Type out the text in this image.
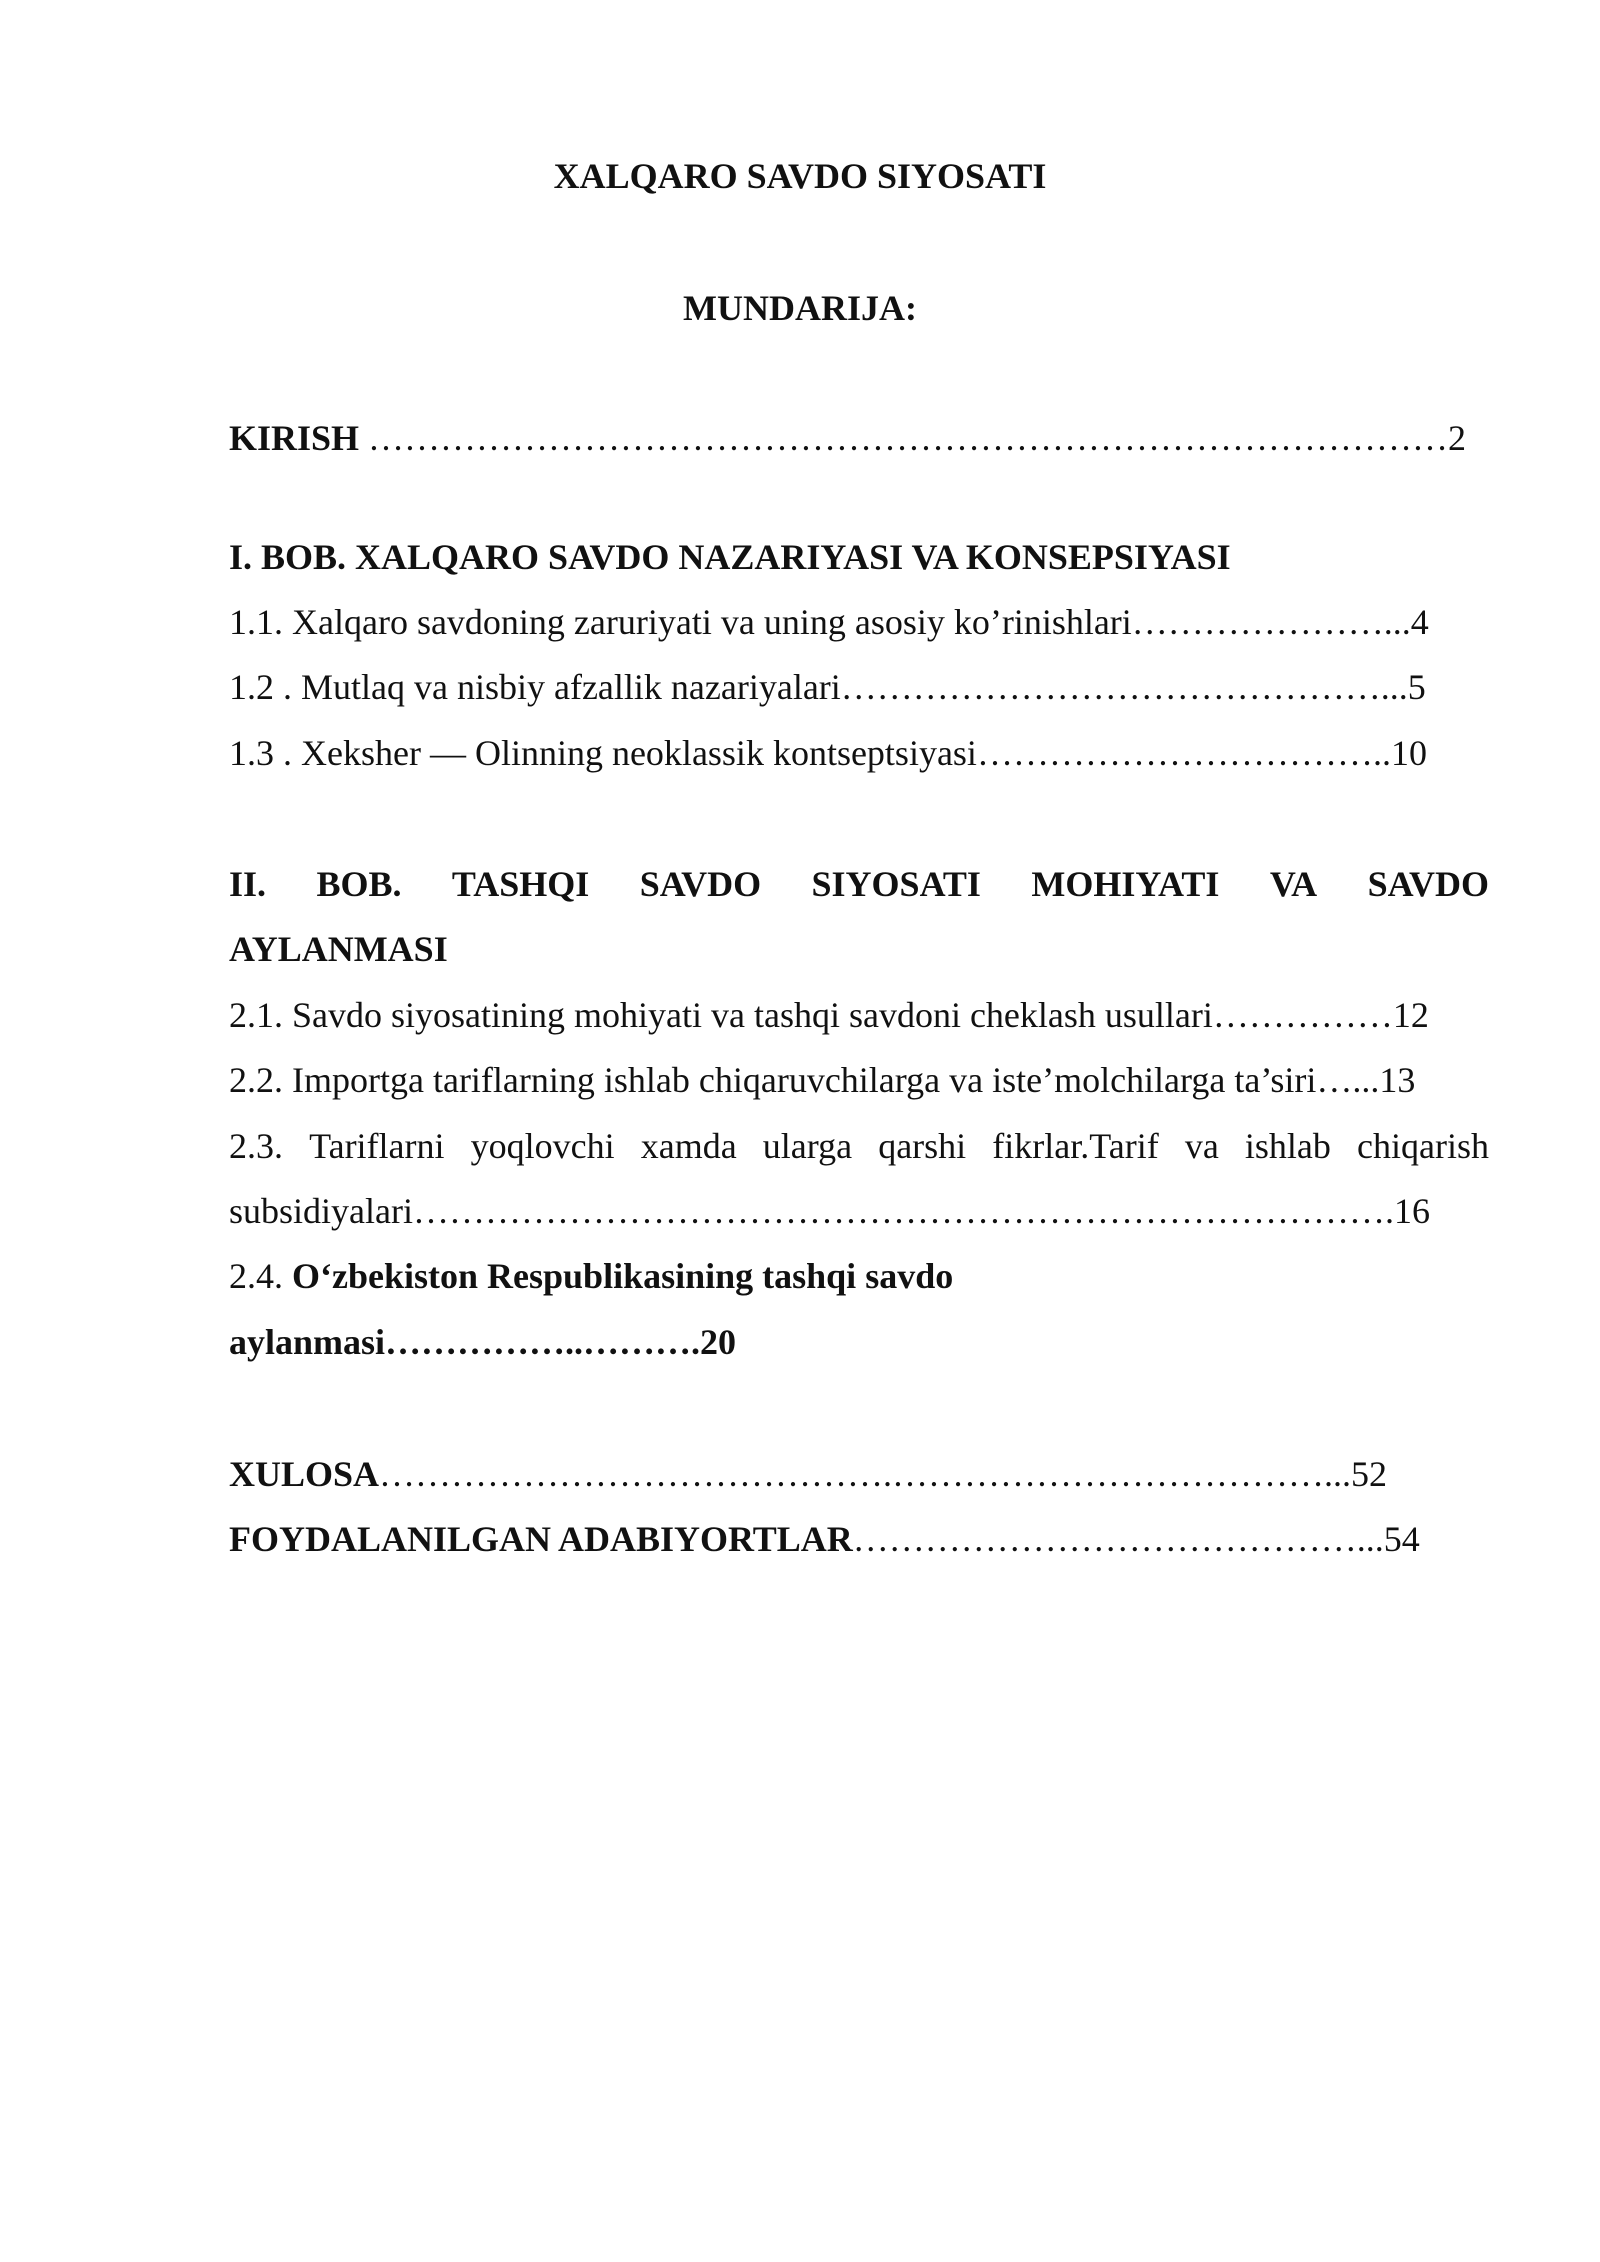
XALQARO SAVDO SIYOSATI
MUNDARIJA:
KIRISH ………………………………………………………………………………2
I. BOB. XALQARO SAVDO NAZARIYASI VA KONSEPSIYASI
1.1. Xalqaro savdoning zaruriyati va uning asosiy ko’rinishlari…………………...4
1.2 . Mutlaq va nisbiy afzallik nazariyalari………………………………………...5
1.3 . Xeksher — Olinning neoklassik kontseptsiyasi……………………………..10
II. BOB. TASHQI SAVDO SIYOSATI MOHIYATI VA SAVDO
AYLANMASI
2.1. Savdo siyosatining mohiyati va tashqi savdoni cheklash usullari……………12
2.2. Importga tariflarning ishlab chiqaruvchilarga va iste’molchilarga ta’siri…...13
2.3. Tariflarni yoqlovchi xamda ularga qarshi fikrlar.Tarif va ishlab chiqarish
subsidiyalari……………………………………………………………………….16
2.4. O‘zbekiston Respublikasining tashqi savdo
aylanmasi……………..……….20
XULOSA…………………………………….………………………………...52
FOYDALANILGAN ADABIYORTLAR……………………………………...54
